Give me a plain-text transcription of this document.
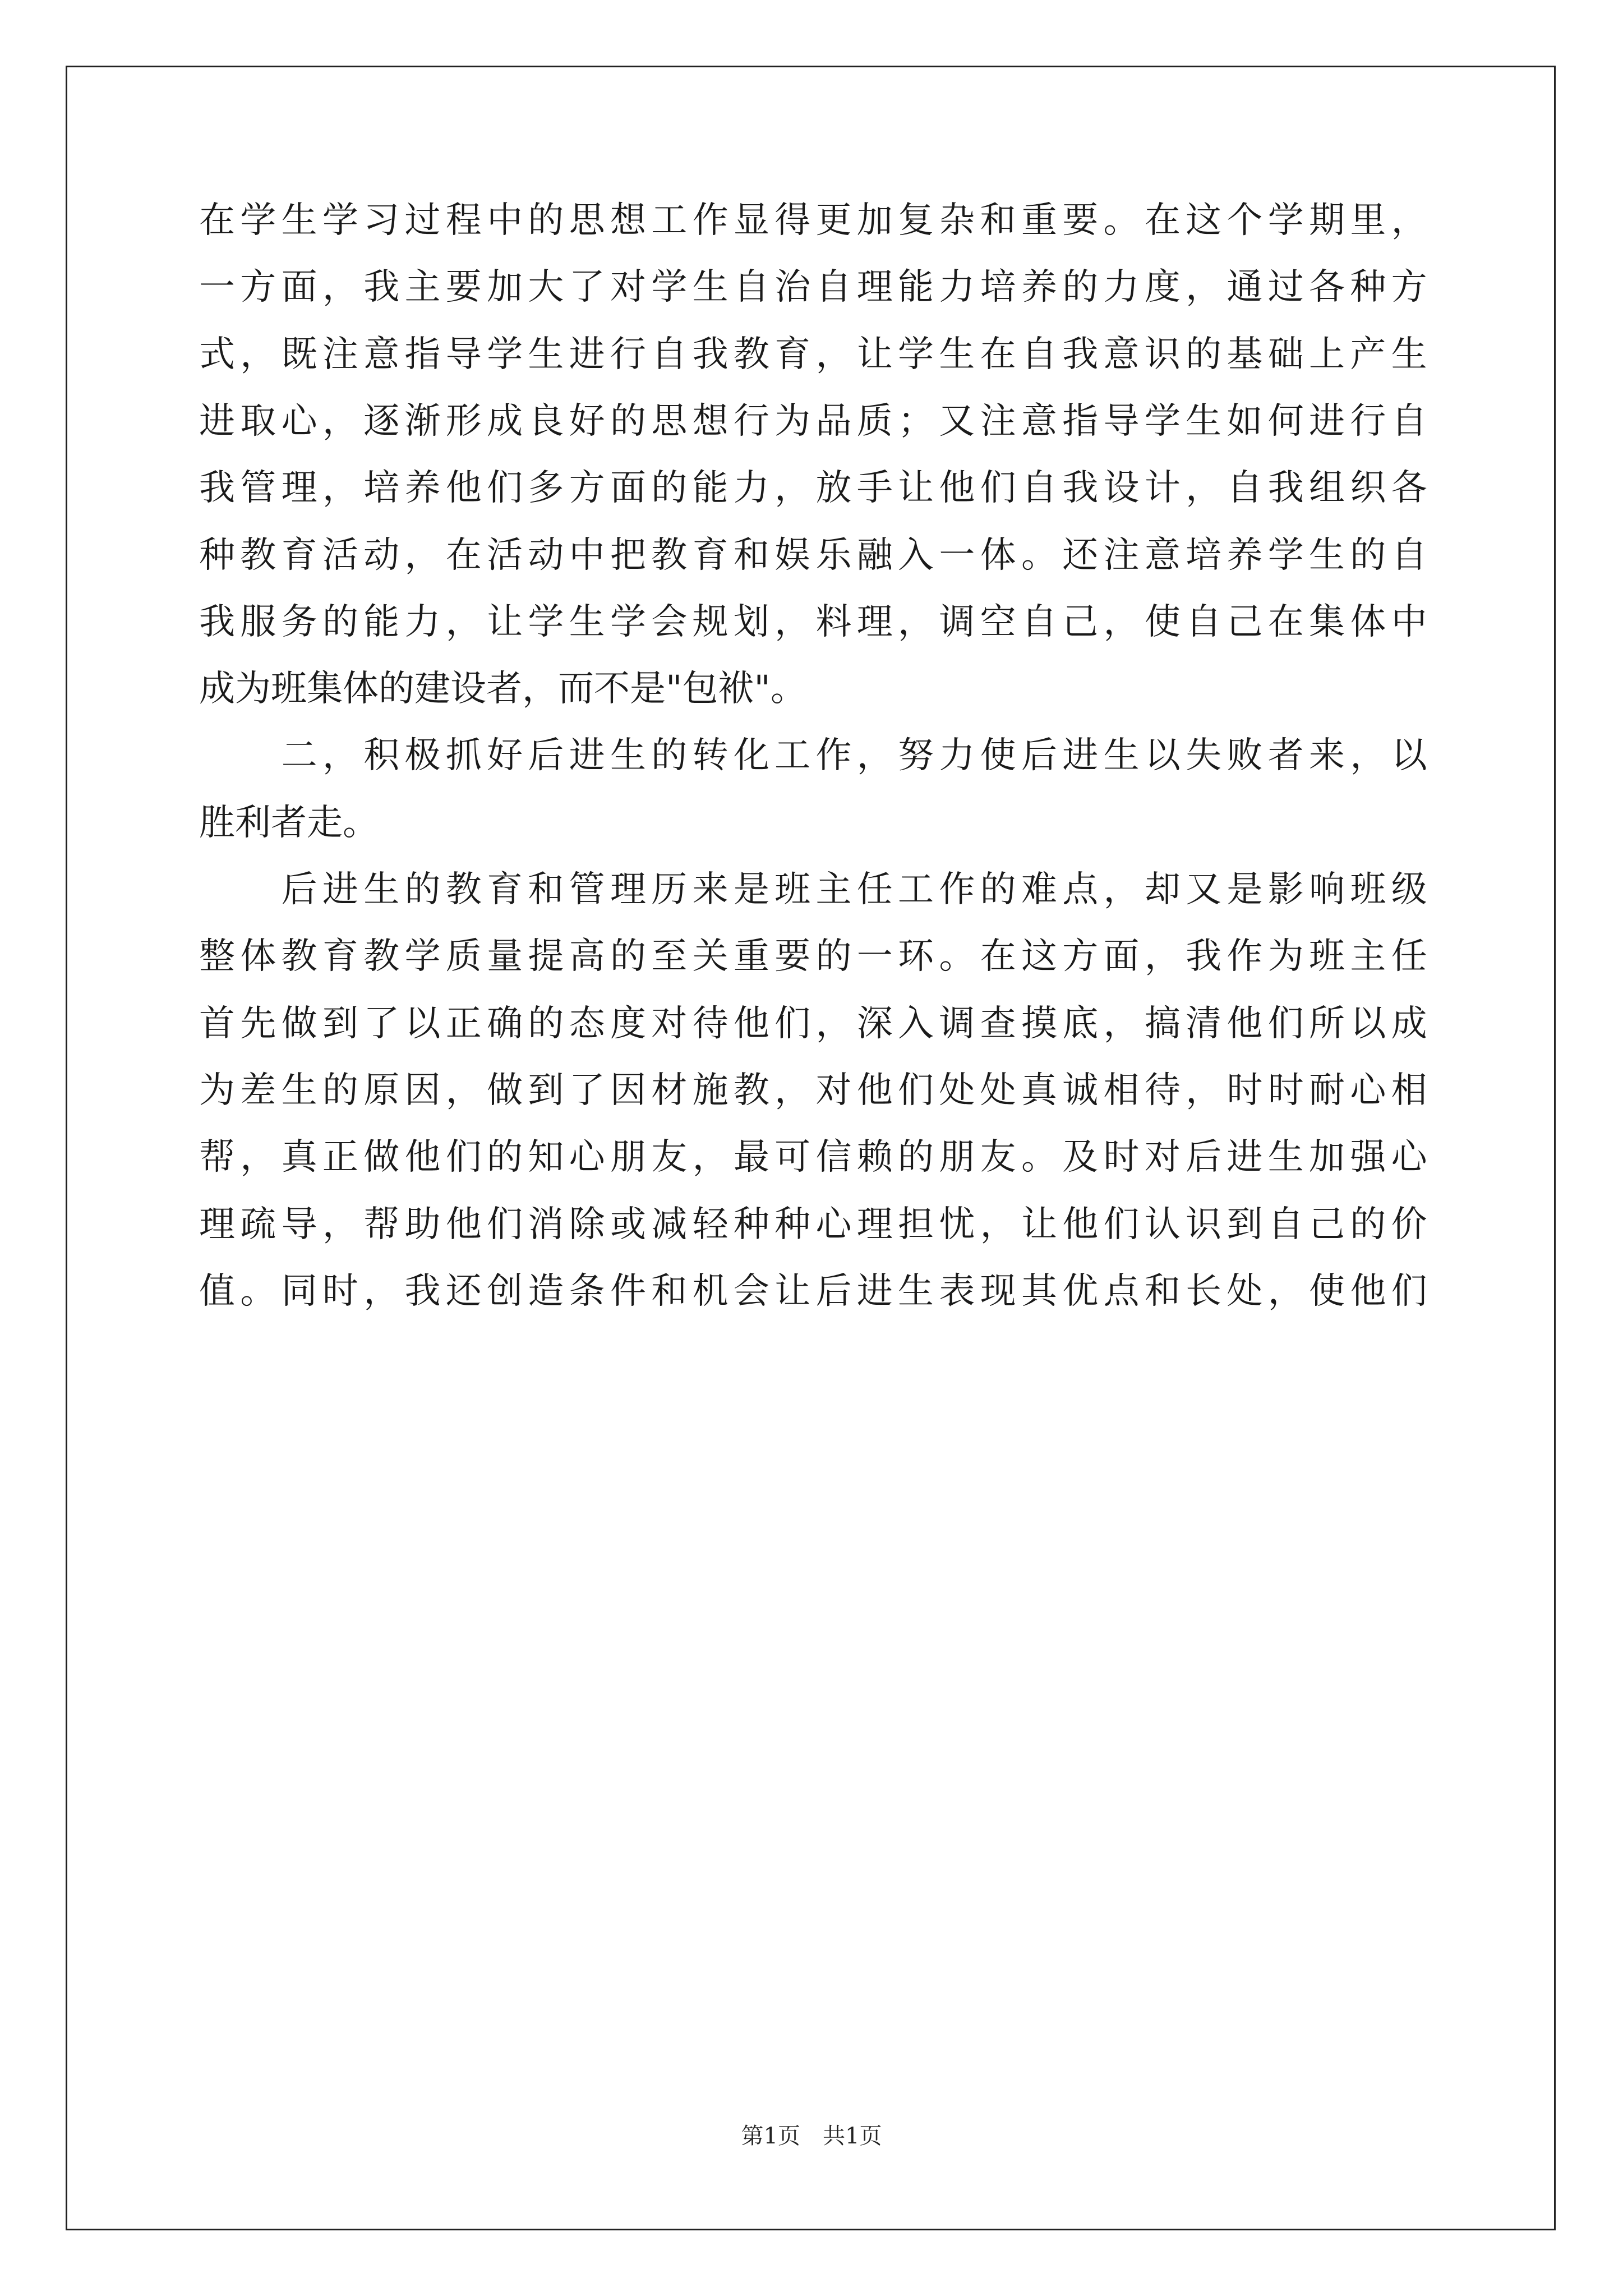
在 学 生 学 习 过 程 中 的 思 想 工 作 显 得 更 加 复 杂 和 重 要 。 在 这 个 学 期 里 ，
一 方 面 ， 我 主 要 加 大 了 对 学 生 自 治 自 理 能 力 培 养 的 力 度 ， 通 过 各 种 方
式 ， 既 注 意 指 导 学 生 进 行 自 我 教 育 ， 让 学 生 在 自 我 意 识 的 基 础 上 产 生
进 取 心 ， 逐 渐 形 成 良 好 的 思 想 行 为 品 质 ； 又 注 意 指 导 学 生 如 何 进 行 自
我 管 理 ， 培 养 他 们 多 方 面 的 能 力 ， 放 手 让 他 们 自 我 设 计 ， 自 我 组 织 各
种 教 育 活 动 ， 在 活 动 中 把 教 育 和 娱 乐 融 入 一 体 。 还 注 意 培 养 学 生 的 自
我 服 务 的 能 力 ， 让 学 生 学 会 规 划 ， 料 理 ， 调 空 自 己 ， 使 自 己 在 集 体 中
成为班集体的建设者，而不是"包袱"。

二 ， 积 极 抓 好 后 进 生 的 转 化 工 作 ， 努 力 使 后 进 生 以 失 败 者 来 ， 以
胜利者走。

后 进 生 的 教 育 和 管 理 历 来 是 班 主 任 工 作 的 难 点 ， 却 又 是 影 响 班 级
整 体 教 育 教 学 质 量 提 高 的 至 关 重 要 的 一 环 。 在 这 方 面 ， 我 作 为 班 主 任
首 先 做 到 了 以 正 确 的 态 度 对 待 他 们 ， 深 入 调 查 摸 底 ， 搞 清 他 们 所 以 成
为 差 生 的 原 因 ， 做 到 了 因 材 施 教 ， 对 他 们 处 处 真 诚 相 待 ， 时 时 耐 心 相
帮 ， 真 正 做 他 们 的 知 心 朋 友 ， 最 可 信 赖 的 朋 友 。 及 时 对 后 进 生 加 强 心
理 疏 导 ， 帮 助 他 们 消 除 或 减 轻 种 种 心 理 担 忧 ， 让 他 们 认 识 到 自 己 的 价
值 。 同 时 ， 我 还 创 造 条 件 和 机 会 让 后 进 生 表 现 其 优 点 和 长 处 ， 使 他 们
第1页　共1页
